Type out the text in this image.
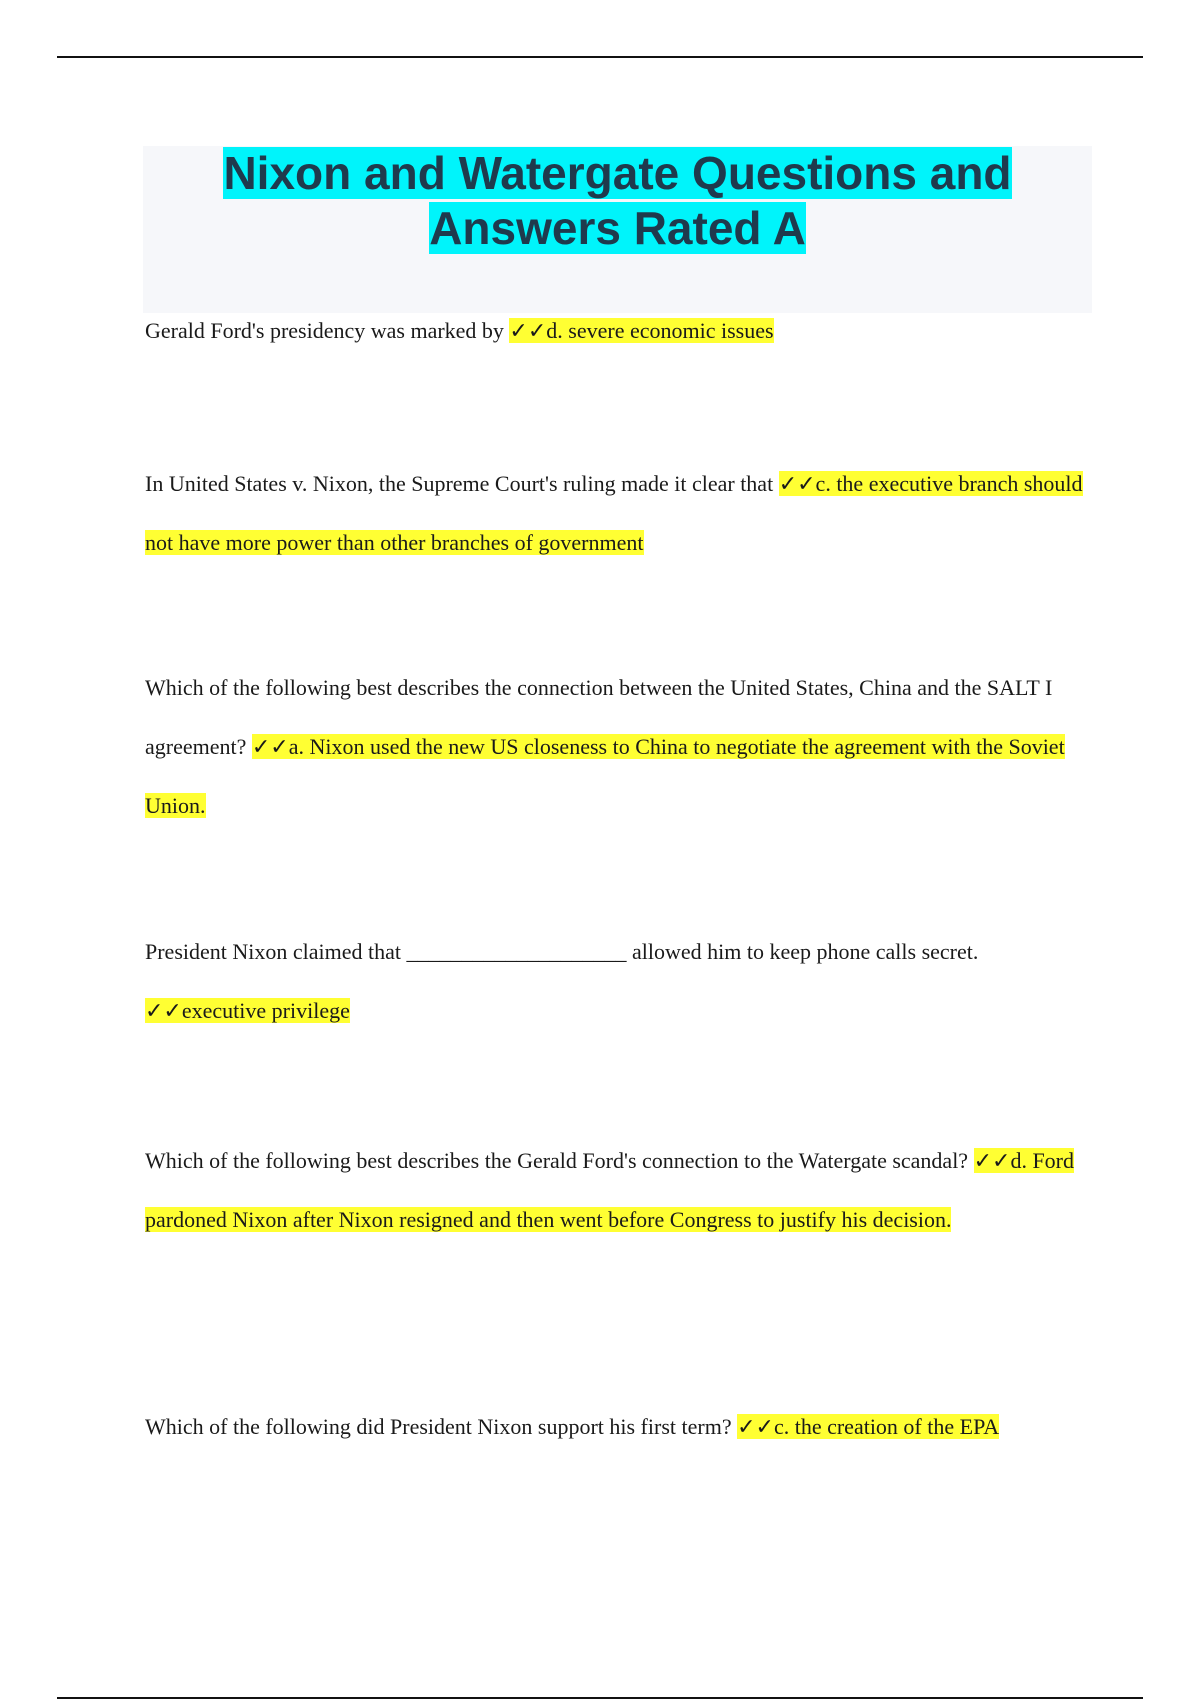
Nixon and Watergate Questions and Answers Rated A

Gerald Ford's presidency was marked by ✓✓d. severe economic issues

In United States v. Nixon, the Supreme Court's ruling made it clear that ✓✓c. the executive branch should not have more power than other branches of government

Which of the following best describes the connection between the United States, China and the SALT I agreement? ✓✓a. Nixon used the new US closeness to China to negotiate the agreement with the Soviet Union.

President Nixon claimed that ____________________ allowed him to keep phone calls secret. ✓✓executive privilege

Which of the following best describes the Gerald Ford's connection to the Watergate scandal? ✓✓d. Ford pardoned Nixon after Nixon resigned and then went before Congress to justify his decision.

Which of the following did President Nixon support his first term? ✓✓c. the creation of the EPA
